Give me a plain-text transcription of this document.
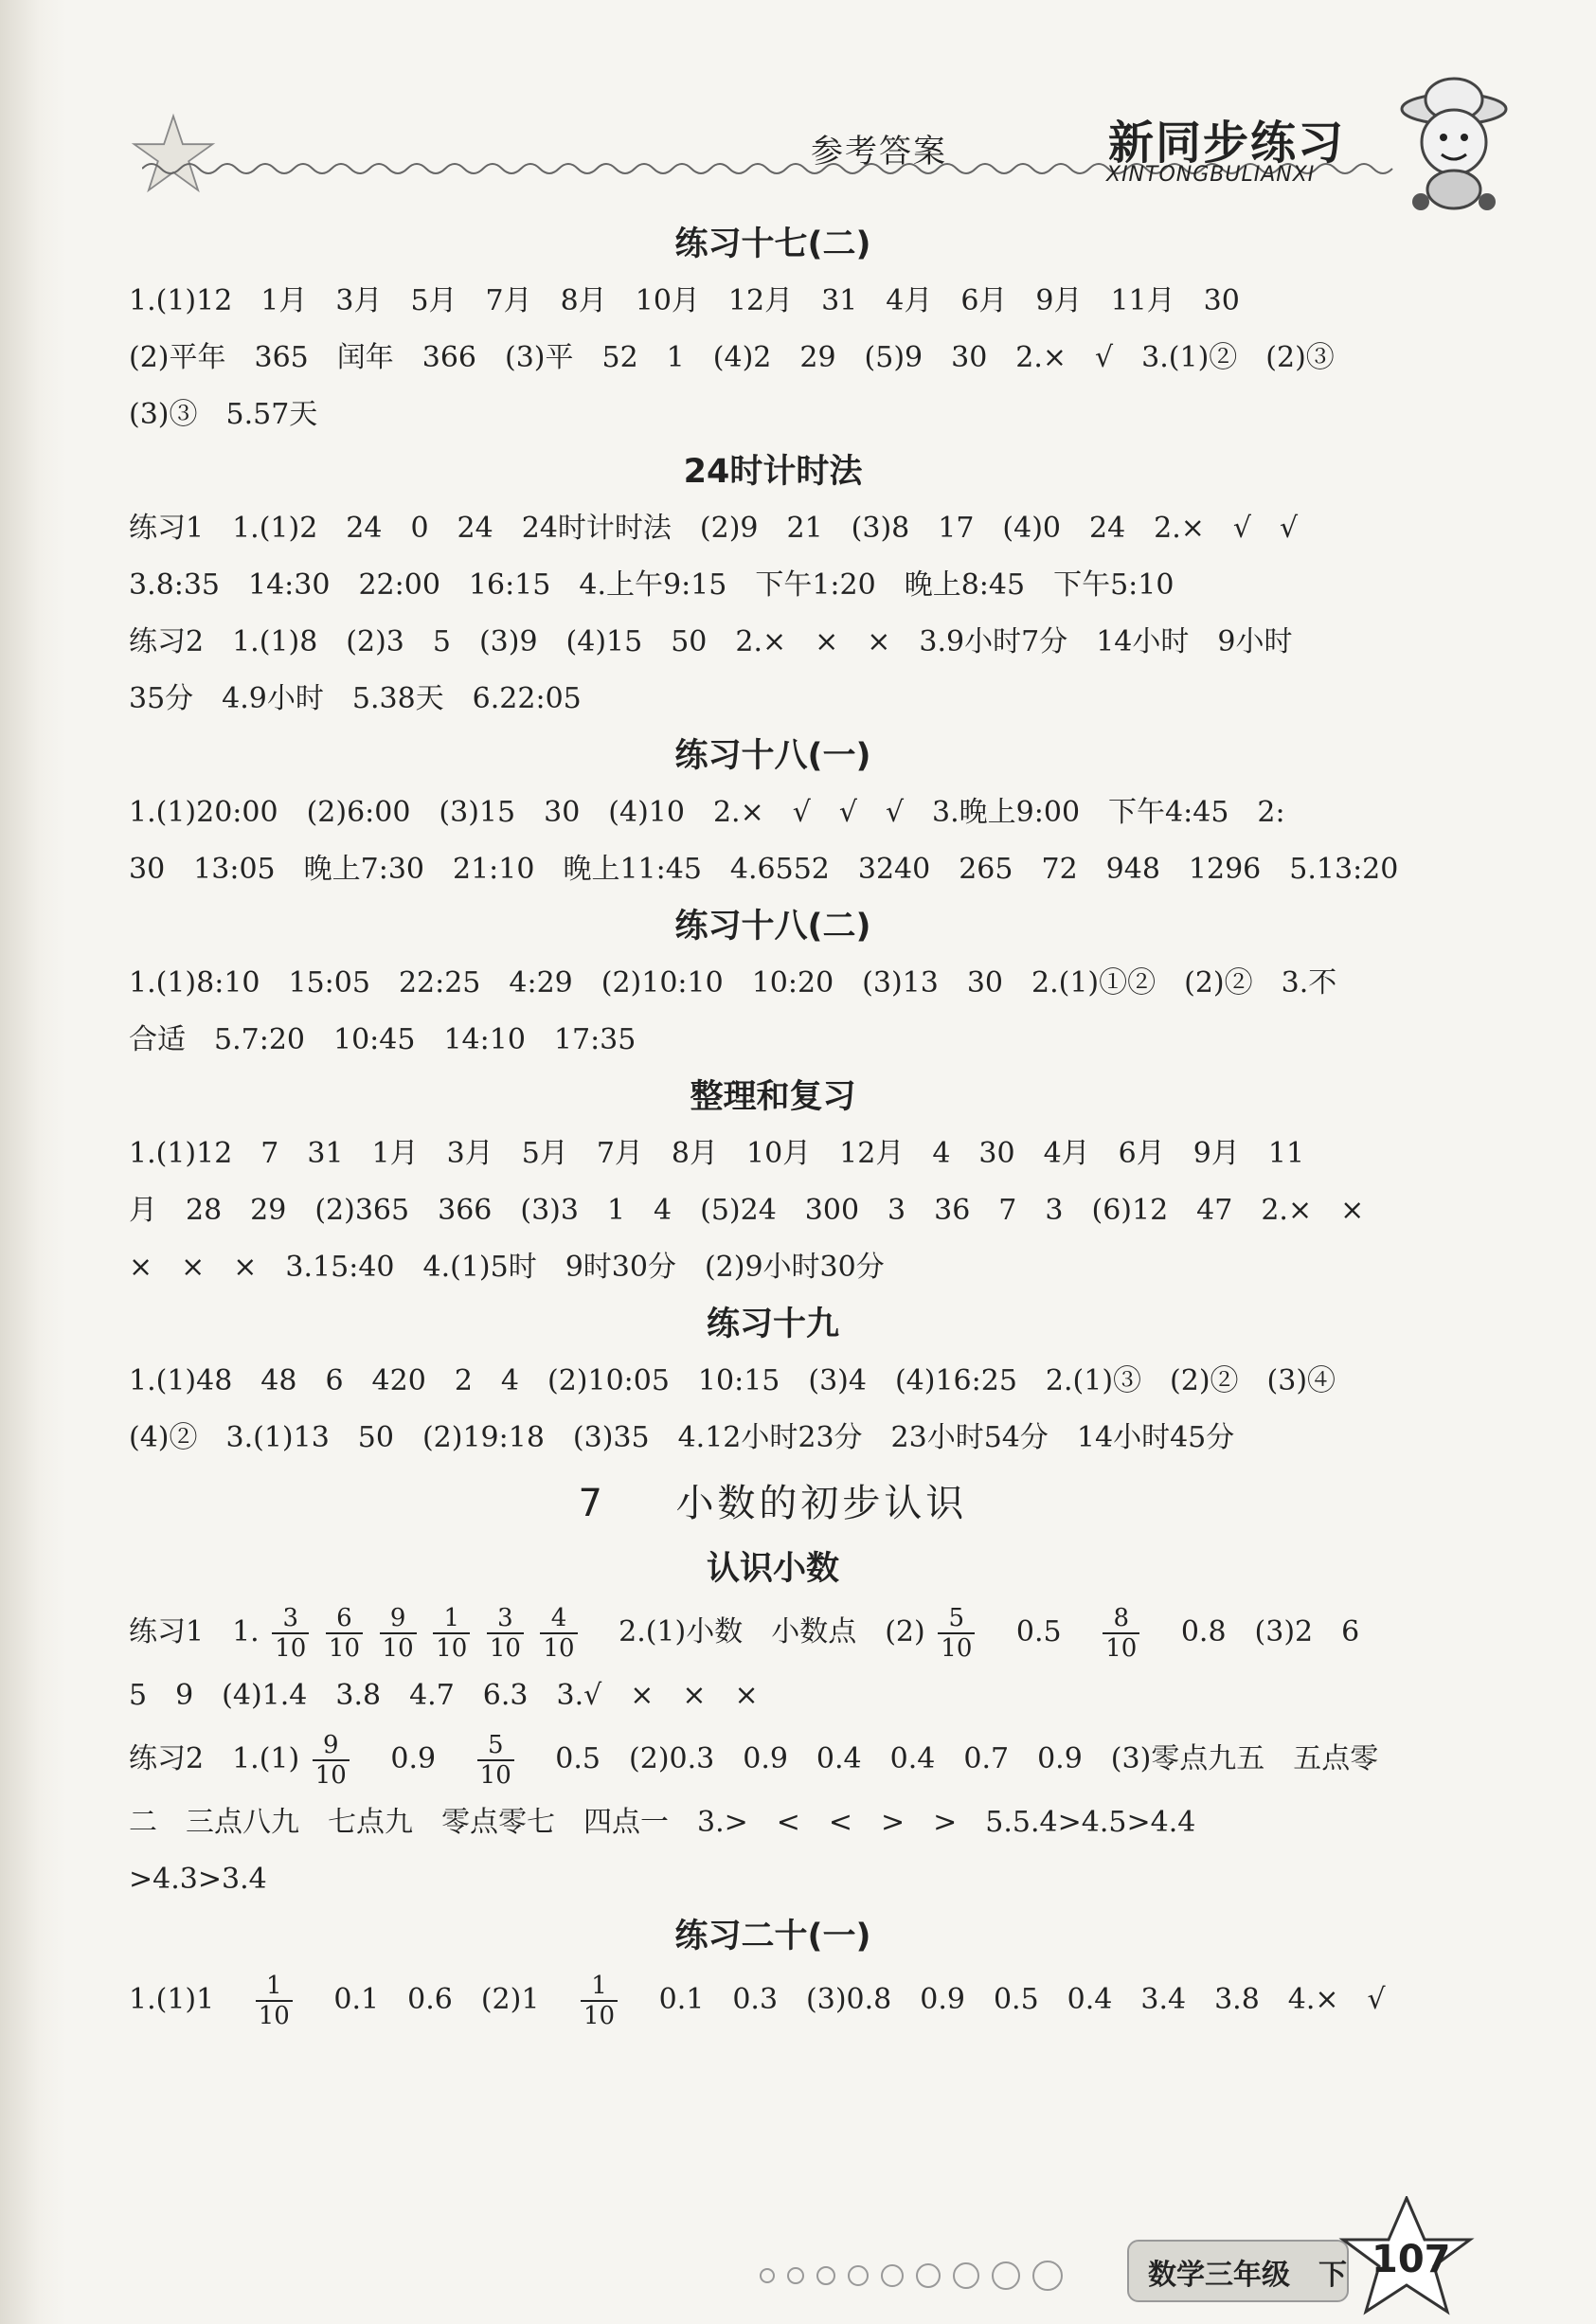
参考答案	新同步练习
XINTONGBULIANXI
练习十七(二)
1.(1)12　1月　3月　5月　7月　8月　10月　12月　31　4月　6月　9月　11月　30
(2)平年　365　闰年　366　(3)平　52　1　(4)2　29　(5)9　30　2.×　√　3.(1)②　(2)③
(3)③　5.57天
24时计时法
练习1　1.(1)2　24　0　24　24时计时法　(2)9　21　(3)8　17　(4)0　24　2.×　√　√
3.8:35　14:30　22:00　16:15　4.上午9:15　下午1:20　晚上8:45　下午5:10
练习2　1.(1)8　(2)3　5　(3)9　(4)15　50　2.×　×　×　3.9小时7分　14小时　9小时
35分　4.9小时　5.38天　6.22:05
练习十八(一)
1.(1)20:00　(2)6:00　(3)15　30　(4)10　2.×　√　√　√　3.晚上9:00　下午4:45　2:
30　13:05　晚上7:30　21:10　晚上11:45　4.6552　3240　265　72　948　1296　5.13:20
练习十八(二)
1.(1)8:10　15:05　22:25　4:29　(2)10:10　10:20　(3)13　30　2.(1)①②　(2)②　3.不
合适　5.7:20　10:45　14:10　17:35
整理和复习
1.(1)12　7　31　1月　3月　5月　7月　8月　10月　12月　4　30　4月　6月　9月　11
月　28　29　(2)365　366　(3)3　1　4　(5)24　300　3　36　7　3　(6)12　47　2.×　×
×　×　×　3.15:40　4.(1)5时　9时30分　(2)9小时30分
练习十九
1.(1)48　48　6　420　2　4　(2)10:05　10:15　(3)4　(4)16:25　2.(1)③　(2)②　(3)④
(4)②　3.(1)13　50　(2)19:18　(3)35　4.12小时23分　23小时54分　14小时45分
7 小数的初步认识
认识小数
练习1　1. $\frac{3}{10}$
$\frac{6}{10}$
$\frac{9}{10}$
$\frac{1}{10}$
$\frac{3}{10}$
$\frac{4}{10}$ 　2.(1)小数　小数点　$(2) \frac{5}{10}$ 　0.5　 $\frac{8}{10}$ 　0.8　(3)2　6
5　9　(4)1.4　3.8　4.7　6.3　3.√　×　×　×
练习2　$1.(1) \frac{9}{10}$ 　0.9　 $\frac{5}{10}$ 　0.5　(2)0.3　0.9　0.4　0.4　0.7　0.9　(3)零点九五　五点零
二　三点八九　七点九　零点零七　四点一　3.>　<　<　>　>　5.5.4>4.5>4.4
>4.3>3.4
练习二十(一)
1.(1)1　 $\frac{1}{10}$ 　0.1　0.6　(2)1　 $\frac{1}{10}$ 　0.1　0.3　(3)0.8　0.9　0.5　0.4　3.4　3.8　4.×　√
数学三年级　下 107
